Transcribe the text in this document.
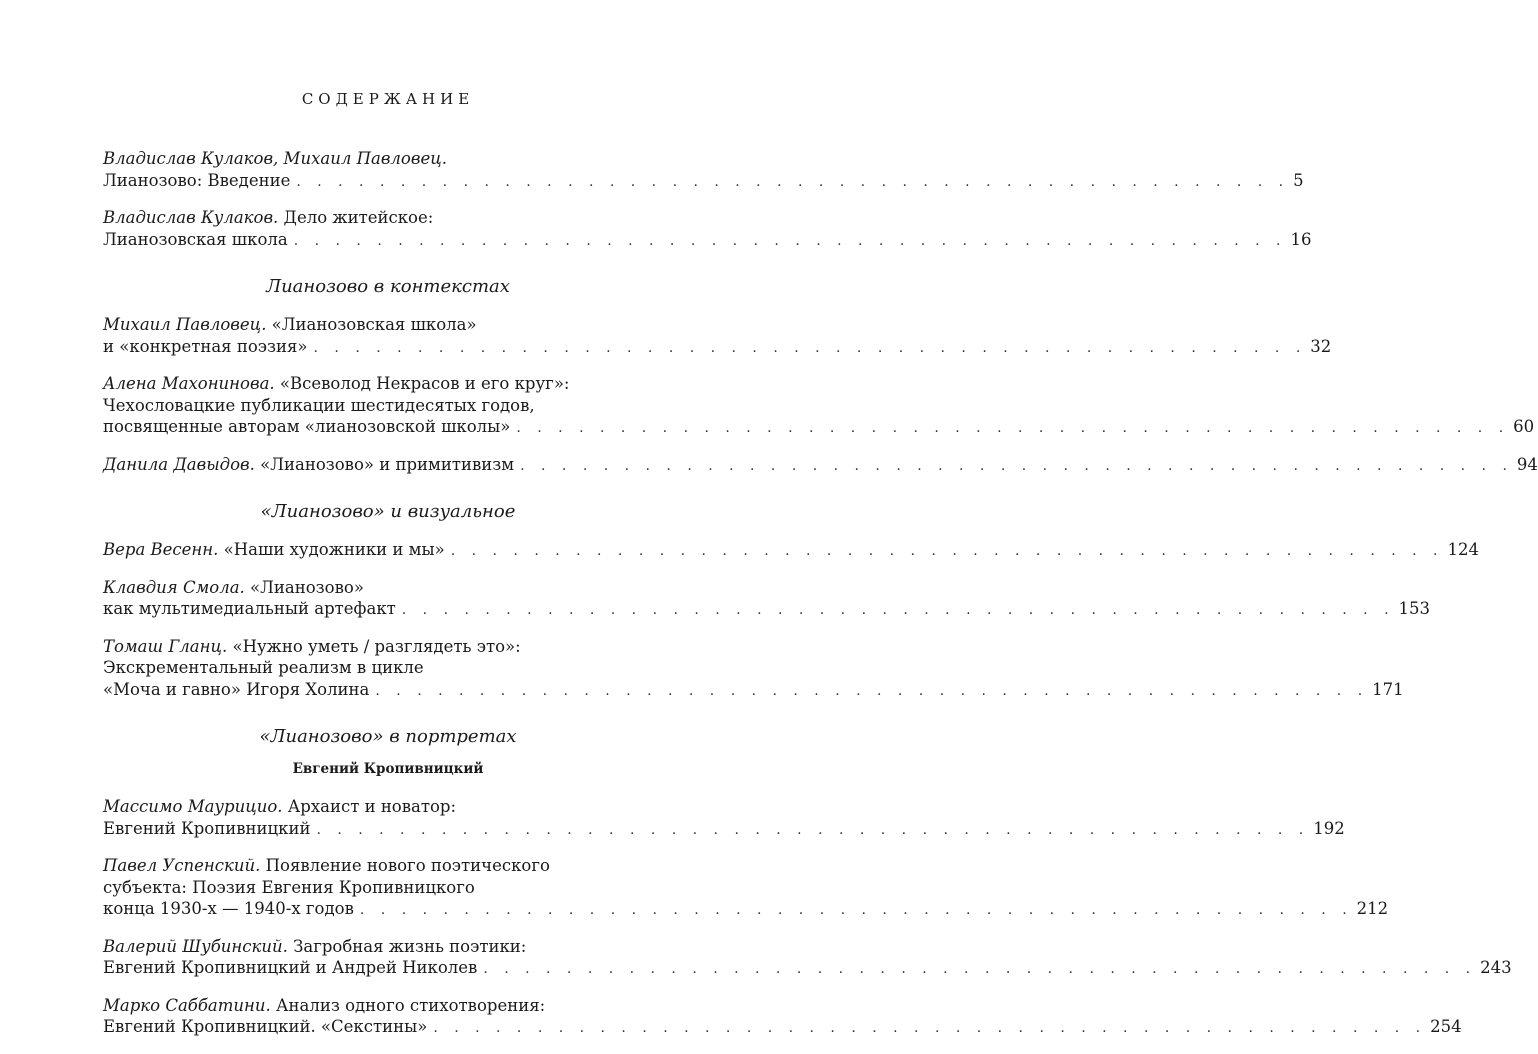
СОДЕРЖАНИЕ
Владислав Кулаков, Михаил Павловец.
Лианозово: Введение . . . . . . . . . . . . . . . . . . . . . . . . . . . . . . . . . . . . . . . . . . . . . . . . 5
Владислав Кулаков. Дело житейское:
Лианозовская школа . . . . . . . . . . . . . . . . . . . . . . . . . . . . . . . . . . . . . . . . . . . . . . . . 16
Лианозово в контекстах
Михаил Павловец. «Лианозовская школа»
и «конкретная поэзия» . . . . . . . . . . . . . . . . . . . . . . . . . . . . . . . . . . . . . . . . . . . . . . . . 32
Алена Махонинова. «Всеволод Некрасов и его круг»:
Чехословацкие публикации шестидесятых годов,
посвященные авторам «лианозовской школы» . . . . . . . . . . . . . . . . . . . . . . . . . . . . . . . . . . . . . . . . . . . . . . . . 60
Данила Давыдов. «Лианозово» и примитивизм . . . . . . . . . . . . . . . . . . . . . . . . . . . . . . . . . . . . . . . . . . . . . . . . 94
«Лианозово» и визуальное
Вера Весенн. «Наши художники и мы» . . . . . . . . . . . . . . . . . . . . . . . . . . . . . . . . . . . . . . . . . . . . . . . . 124
Клавдия Смола. «Лианозово»
как мультимедиальный артефакт . . . . . . . . . . . . . . . . . . . . . . . . . . . . . . . . . . . . . . . . . . . . . . . . 153
Томаш Гланц. «Нужно уметь / разглядеть это»:
Экскрементальный реализм в цикле
«Моча и гавно» Игоря Холина . . . . . . . . . . . . . . . . . . . . . . . . . . . . . . . . . . . . . . . . . . . . . . . . 171
«Лианозово» в портретах
Евгений Кропивницкий
Массимо Маурицио. Архаист и новатор:
Евгений Кропивницкий . . . . . . . . . . . . . . . . . . . . . . . . . . . . . . . . . . . . . . . . . . . . . . . . 192
Павел Успенский. Появление нового поэтического
субъекта: Поэзия Евгения Кропивницкого
конца 1930-х — 1940-х годов . . . . . . . . . . . . . . . . . . . . . . . . . . . . . . . . . . . . . . . . . . . . . . . . 212
Валерий Шубинский. Загробная жизнь поэтики:
Евгений Кропивницкий и Андрей Николев . . . . . . . . . . . . . . . . . . . . . . . . . . . . . . . . . . . . . . . . . . . . . . . . 243
Марко Саббатини. Анализ одного стихотворения:
Евгений Кропивницкий. «Секстины» . . . . . . . . . . . . . . . . . . . . . . . . . . . . . . . . . . . . . . . . . . . . . . . . 254
